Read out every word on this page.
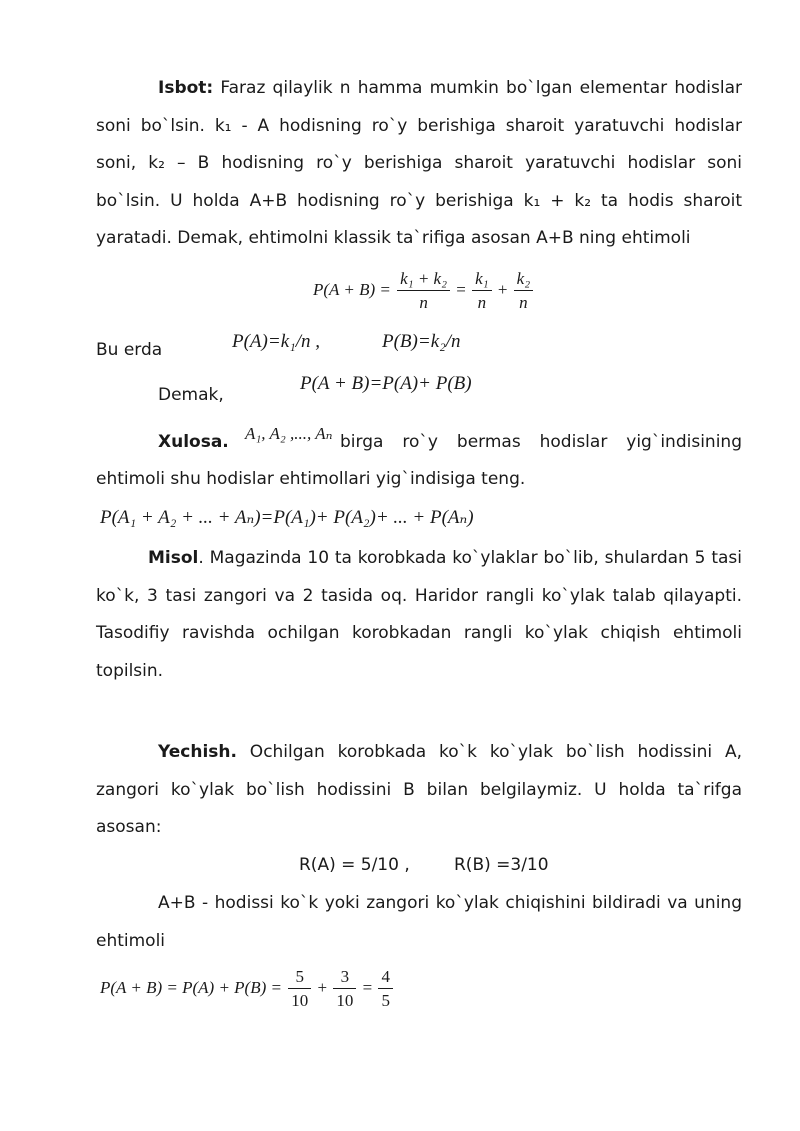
Isbot: Faraz qilaylik n hamma mumkin bo`lgan elementar hodislar soni bo`lsin. k₁ - A hodisning ro`y berishiga sharoit yaratuvchi hodislar soni, k₂ – B hodisning ro`y berishiga sharoit yaratuvchi hodislar soni bo`lsin. U holda A+B hodisning ro`y berishiga k₁ + k₂ ta hodis sharoit yaratadi. Demak, ehtimolni klassik ta`rifiga asosan A+B ning ehtimoli
$P(A + B) = \frac{\text{k₁ + k₂}}{n} = \frac{\text{k₁}}{n} + \frac{\text{k₂}}{n}$
Bu erda	P(A)=k₁/n ,	P(B)=k₂/n
Demak,
P(A + B)=P(A)+ P(B)
Xulosa. A₁, A₂ ,..., Aₙ birga ro`y bermas hodislar yig`indisining
ehtimoli shu hodislar ehtimollari yig`indisiga teng.
P(A₁ + A₂ + ... + Aₙ)=P(A₁)+ P(A₂)+ ... + P(Aₙ)
Misol. Magazinda 10 ta korobkada ko`ylaklar bo`lib, shulardan 5 tasi ko`k, 3 tasi zangori va 2 tasida oq. Haridor rangli ko`ylak talab qilayapti. Tasodifiy ravishda ochilgan korobkadan rangli ko`ylak chiqish ehtimoli topilsin.
Yechish. Ochilgan korobkada ko`k ko`ylak bo`lish hodissini A, zangori ko`ylak bo`lish hodissini B bilan belgilaymiz. U holda ta`rifga asosan:
R(A) = 5/10 ,	R(B) =3/10
A+B - hodissi ko`k yoki zangori ko`ylak chiqishini bildiradi va uning ehtimoli
$P(A + B) = P(A) + P(B) = \frac{5}{10} + \frac{3}{10} = \frac{4}{5}$
